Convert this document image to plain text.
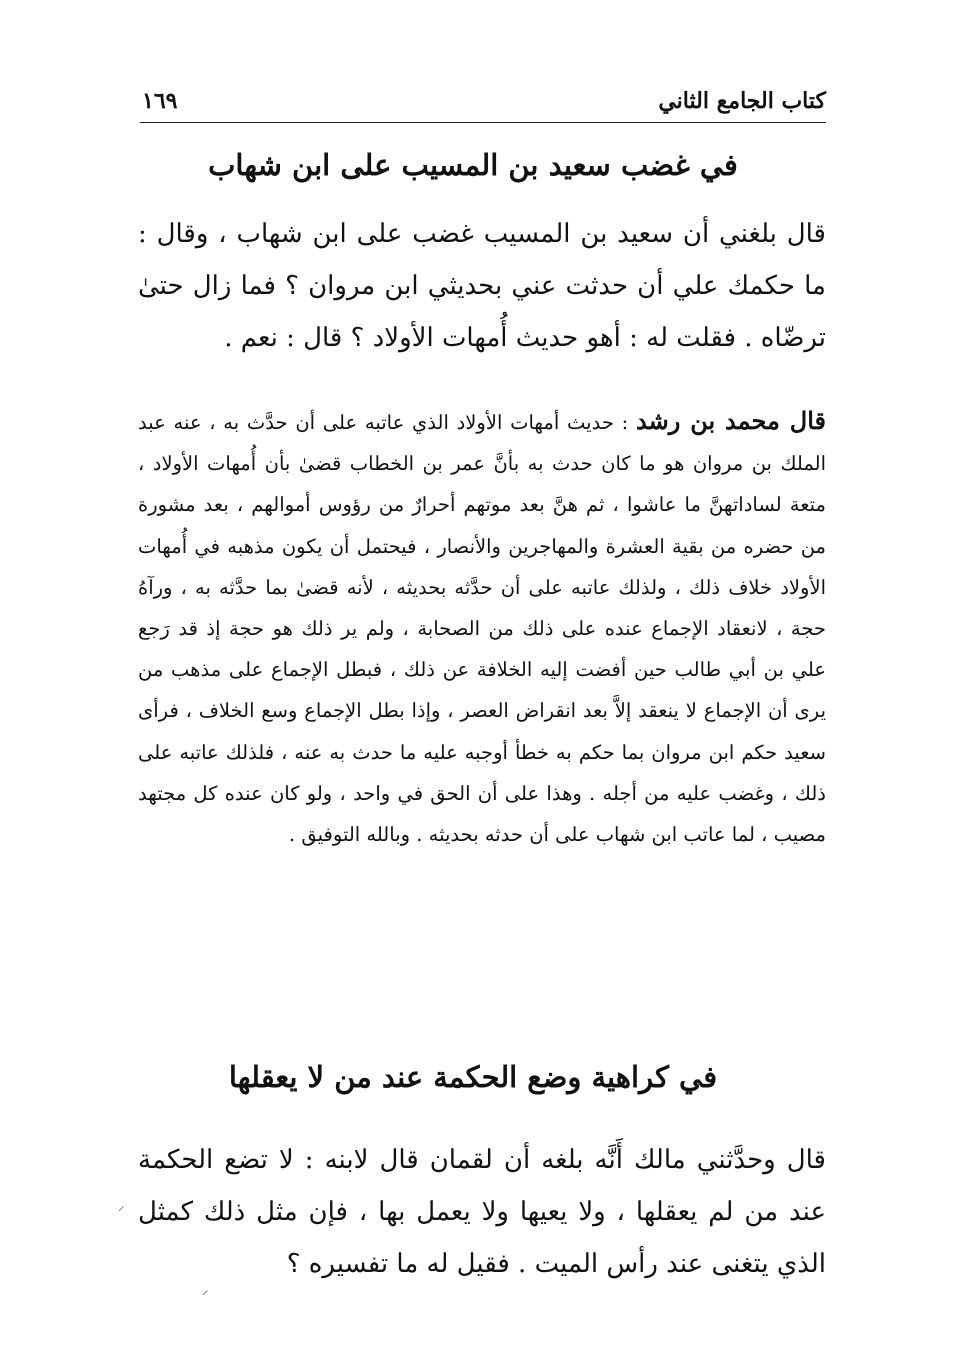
كتاب الجامع الثاني
١٦٩
في غضب سعيد بن المسيب على ابن شهاب
قال بلغني أن سعيد بن المسيب غضب على ابن شهاب ، وقال : ما حكمك علي أن حدثت عني بحديثي ابن مروان ؟ فما زال حتىٰ ترضّاه . فقلت له : أهو حديث أُمهات الأولاد ؟ قال : نعم .
قال محمد بن رشد : حديث أمهات الأولاد الذي عاتبه على أن حدَّث به ، عنه عبد الملك بن مروان هو ما كان حدث به بأنَّ عمر بن الخطاب قضىٰ بأن أُمهات الأولاد ، متعة لساداتهنَّ ما عاشوا ، ثم هنَّ بعد موتهم أحرارٌ من رؤوس أموالهم ، بعد مشورة من حضره من بقية العشرة والمهاجرين والأنصار ، فيحتمل أن يكون مذهبه في أُمهات الأولاد خلاف ذلك ، ولذلك عاتبه على أن حدَّثه بحديثه ، لأنه قضىٰ بما حدَّثه به ، ورآهُ حجة ، لانعقاد الإجماع عنده على ذلك من الصحابة ، ولم ير ذلك هو حجة إذ قد رَجع علي بن أبي طالب حين أفضت إليه الخلافة عن ذلك ، فبطل الإجماع على مذهب من يرى أن الإجماع لا ينعقد إلاَّ بعد انقراض العصر ، وإذا بطل الإجماع وسع الخلاف ، فرأى سعيد حكم ابن مروان بما حكم به خطأ أوجبه عليه ما حدث به عنه ، فلذلك عاتبه على ذلك ، وغضب عليه من أجله . وهذا على أن الحق في واحد ، ولو كان عنده كل مجتهد مصيب ، لما عاتب ابن شهاب على أن حدثه بحديثه . وبالله التوفيق .
في كراهية وضع الحكمة عند من لا يعقلها
قال وحدَّثني مالك أَنَّه بلغه أن لقمان قال لابنه : لا تضع الحكمة عند من لم يعقلها ، ولا يعيها ولا يعمل بها ، فإن مثل ذلك كمثل الذي يتغنى عند رأس الميت . فقيل له ما تفسيره ؟
⸝
⸝
